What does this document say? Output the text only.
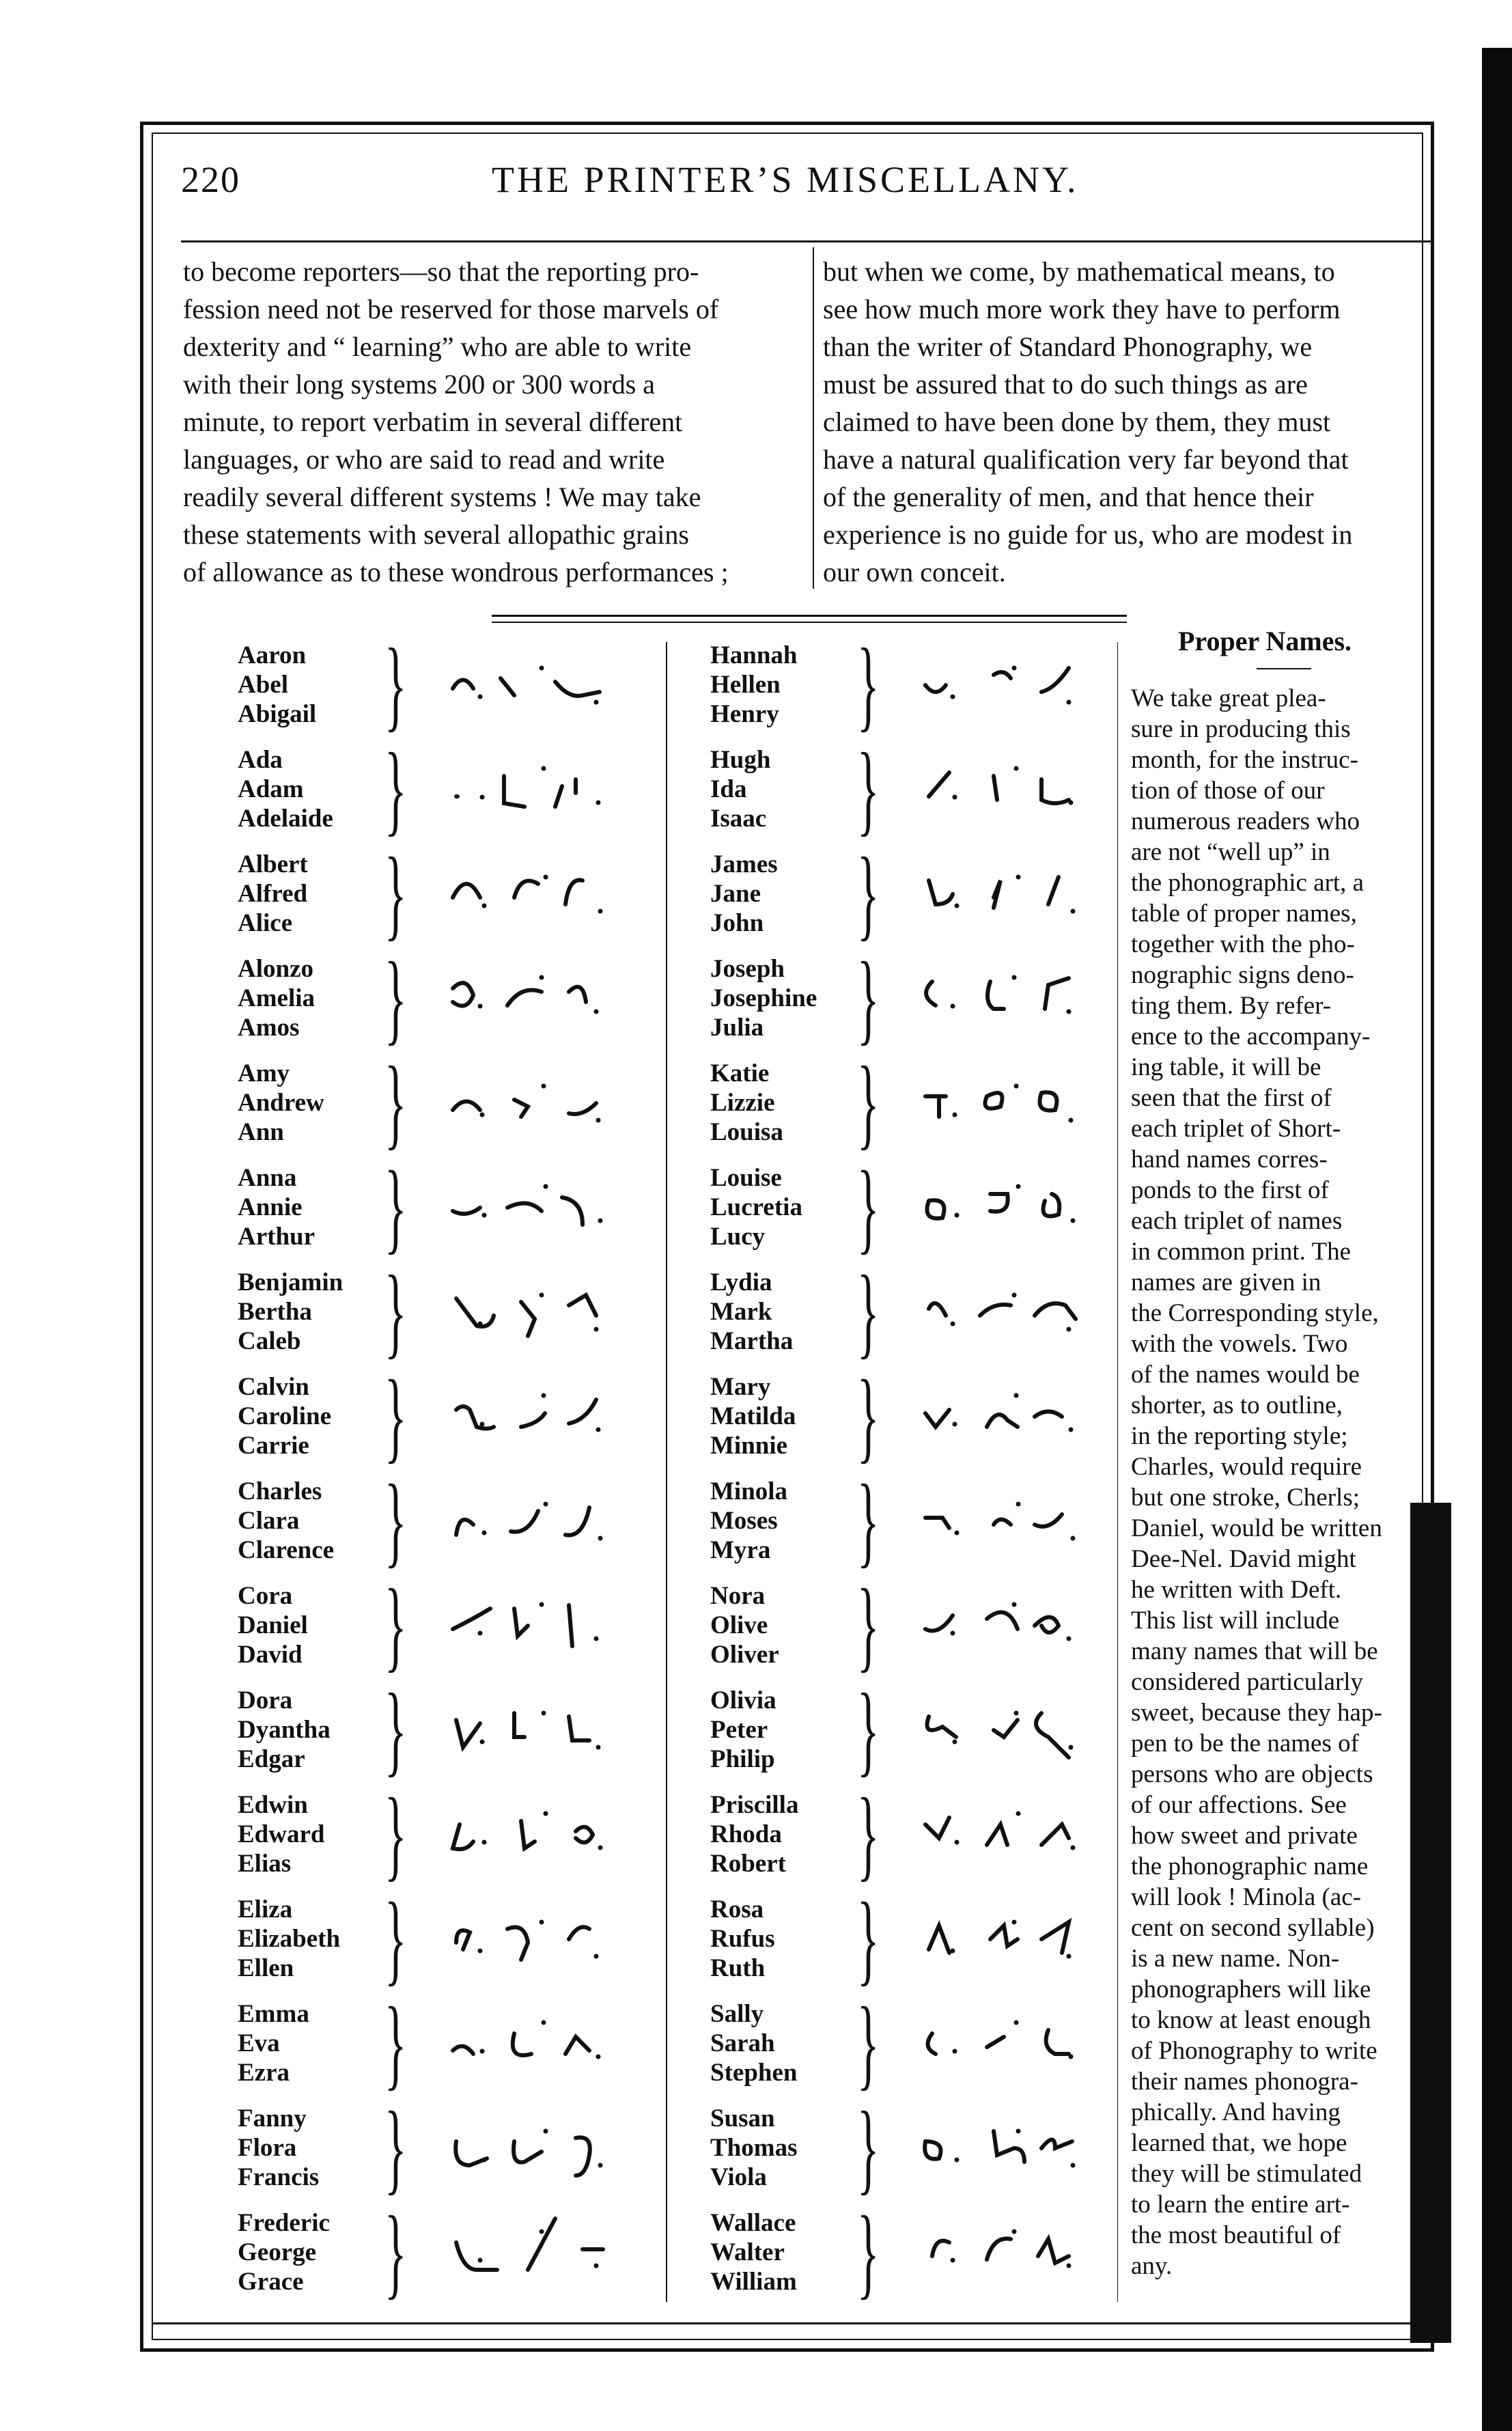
220	THE PRINTER’S MISCELLANY.
to become reporters—so that the reporting pro-
fession need not be reserved for those marvels of
dexterity and “ learning” who are able to write
with their long systems 200 or 300 words a
minute, to report verbatim in several different
languages, or who are said to read and write
readily several different systems ! We may take
these statements with several allopathic grains
of allowance as to these wondrous performances ;
but when we come, by mathematical means, to
see how much more work they have to perform
than the writer of Standard Phonography, we
must be assured that to do such things as are
claimed to have been done by them, they must
have a natural qualification very far beyond that
of the generality of men, and that hence their
experience is no guide for us, who are modest in
our own conceit.
Aaron
Abel
Abigail }
Ada
Adam
Adelaide }
Albert
Alfred
Alice }
Alonzo
Amelia
Amos }
Amy
Andrew
Ann }
Anna
Annie
Arthur }
Benjamin
Bertha
Caleb }
Calvin
Caroline
Carrie }
Charles
Clara
Clarence }
Cora
Daniel
David }
Dora
Dyantha
Edgar }
Edwin
Edward
Elias }
Eliza
Elizabeth
Ellen }
Emma
Eva
Ezra }
Fanny
Flora
Francis }
Frederic
George
Grace }
Hannah
Hellen
Henry }
Hugh
Ida
Isaac }
James
Jane
John }
Joseph
Josephine
Julia }
Katie
Lizzie
Louisa }
Louise
Lucretia
Lucy }
Lydia
Mark
Martha }
Mary
Matilda
Minnie }
Minola
Moses
Myra }
Nora
Olive
Oliver }
Olivia
Peter
Philip }
Priscilla
Rhoda
Robert }
Rosa
Rufus
Ruth }
Sally
Sarah
Stephen }
Susan
Thomas
Viola }
Wallace
Walter
William }
Proper Names.
We take great plea-
sure in producing this
month, for the instruc-
tion of those of our
numerous readers who
are not “well up” in
the phonographic art, a
table of proper names,
together with the pho-
nographic signs deno-
ting them. By refer-
ence to the accompany-
ing table, it will be
seen that the first of
each triplet of Short-
hand names corres-
ponds to the first of
each triplet of names
in common print. The
names are given in
the Corresponding style,
with the vowels. Two
of the names would be
shorter, as to outline,
in the reporting style;
Charles, would require
but one stroke, Cherls;
Daniel, would be written
Dee-Nel. David might
he written with Deft.
This list will include
many names that will be
considered particularly
sweet, because they hap-
pen to be the names of
persons who are objects
of our affections. See
how sweet and private
the phonographic name
will look ! Minola (ac-
cent on second syllable)
is a new name. Non-
phonographers will like
to know at least enough
of Phonography to write
their names phonogra-
phically. And having
learned that, we hope
they will be stimulated
to learn the entire art-
the most beautiful of
any.
